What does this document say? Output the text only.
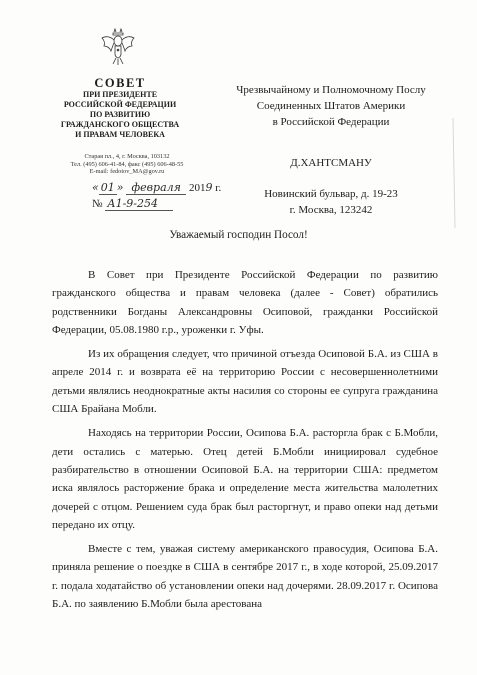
СОВЕТ
ПРИ ПРЕЗИДЕНТЕ
РОССИЙСКОЙ ФЕДЕРАЦИИ
ПО РАЗВИТИЮ
ГРАЖДАНСКОГО ОБЩЕСТВА
И ПРАВАМ ЧЕЛОВЕКА
Старая пл., 4, г. Москва, 103132
Тел. (495) 606-41-84, факс (495) 606-48-55
E-mail: fedotov_MA@gov.ru
« 01 » февраля 2019 г.
№ А1-9-254
Чрезвычайному и Полномочному Послу
Соединенных Штатов Америки
в Российской Федерации
Д.ХАНТСМАНУ
Новинский бульвар, д. 19-23
г. Москва, 123242
Уважаемый господин Посол!

В Совет при Президенте Российской Федерации по развитию гражданского общества и правам человека (далее - Совет) обратились родственники Богданы Александровны Осиповой, гражданки Российской Федерации, 05.08.1980 г.р., уроженки г. Уфы.

Из их обращения следует, что причиной отъезда Осиповой Б.А. из США в апреле 2014 г. и возврата её на территорию России с несовершеннолетними детьми являлись неоднократные акты насилия со стороны ее супруга гражданина США Брайана Мобли.

Находясь на территории России, Осипова Б.А. расторгла брак с Б.Мобли, дети остались с матерью. Отец детей Б.Мобли инициировал судебное разбирательство в отношении Осиповой Б.А. на территории США: предметом иска являлось расторжение брака и определение места жительства малолетних дочерей с отцом. Решением суда брак был расторгнут, и право опеки над детьми передано их отцу.

Вместе с тем, уважая систему американского правосудия, Осипова Б.А. приняла решение о поездке в США в сентябре 2017 г., в ходе которой, 25.09.2017 г. подала ходатайство об установлении опеки над дочерями. 28.09.2017 г. Осипова Б.А. по заявлению Б.Мобли была арестована
